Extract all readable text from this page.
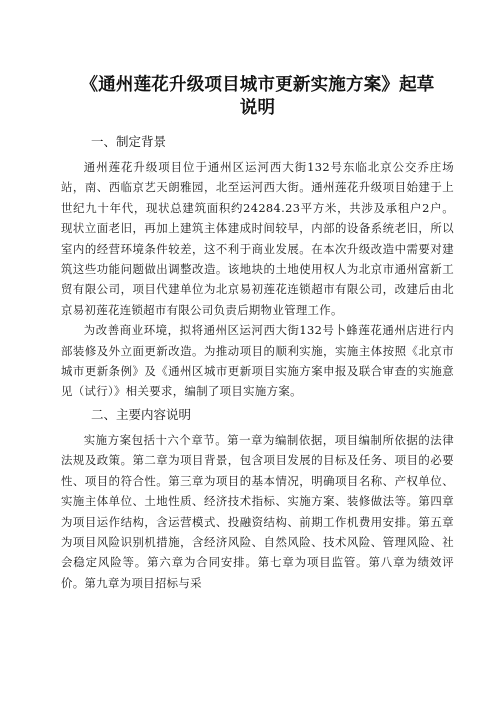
《通州莲花升级项目城市更新实施方案》起草
说明
一、制定背景

通州莲花升级项目位于通州区运河西大街132号东临北京公交乔庄场站，南、西临京艺天朗雅园，北至运河西大街。通州莲花升级项目始建于上世纪九十年代，现状总建筑面积约24284.23平方米，共涉及承租户2户。现状立面老旧，再加上建筑主体建成时间较早，内部的设备系统老旧，所以室内的经营环境条件较差，这不利于商业发展。在本次升级改造中需要对建筑这些功能问题做出调整改造。该地块的土地使用权人为北京市通州富新工贸有限公司，项目代建单位为北京易初莲花连锁超市有限公司，改建后由北京易初莲花连锁超市有限公司负责后期物业管理工作。

为改善商业环境，拟将通州区运河西大街132号卜蜂莲花通州店进行内部装修及外立面更新改造。为推动项目的顺利实施，实施主体按照《北京市城市更新条例》及《通州区城市更新项目实施方案申报及联合审查的实施意见（试行）》相关要求，编制了项目实施方案。

二、主要内容说明

实施方案包括十六个章节。第一章为编制依据，项目编制所依据的法律法规及政策。第二章为项目背景，包含项目发展的目标及任务、项目的必要性、项目的符合性。第三章为项目的基本情况，明确项目名称、产权单位、实施主体单位、土地性质、经济技术指标、实施方案、装修做法等。第四章为项目运作结构，含运营模式、投融资结构、前期工作机费用安排。第五章为项目风险识别机措施，含经济风险、自然风险、技术风险、管理风险、社会稳定风险等。第六章为合同安排。第七章为项目监管。第八章为绩效评价。第九章为项目招标与采
